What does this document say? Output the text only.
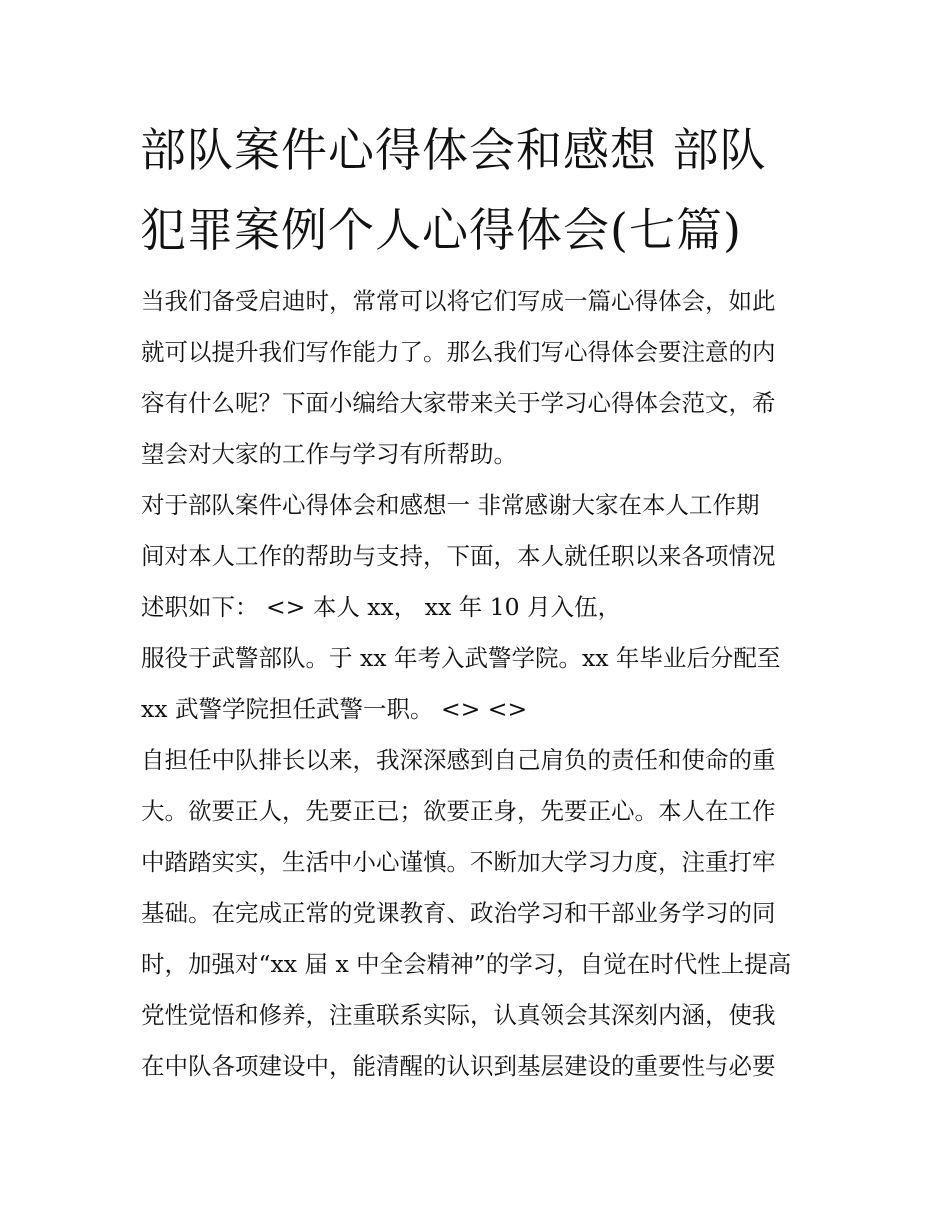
部队案件心得体会和感想 部队
犯罪案例个人心得体会(七篇)
当我们备受启迪时，常常可以将它们写成一篇心得体会，如此
就可以提升我们写作能力了。那么我们写心得体会要注意的内
容有什么呢？下面小编给大家带来关于学习心得体会范文，希
望会对大家的工作与学习有所帮助。
对于部队案件心得体会和感想一 非常感谢大家在本人工作期
间对本人工作的帮助与支持，下面，本人就任职以来各项情况
述职如下： <> 本人 xx， xx 年 10 月入伍，
服役于武警部队。于 xx 年考入武警学院。xx 年毕业后分配至
xx 武警学院担任武警一职。 <> <>
自担任中队排长以来，我深深感到自己肩负的责任和使命的重
大。欲要正人，先要正已；欲要正身，先要正心。本人在工作
中踏踏实实，生活中小心谨慎。不断加大学习力度，注重打牢
基础。在完成正常的党课教育、政治学习和干部业务学习的同
时，加强对“xx 届 x 中全会精神”的学习，自觉在时代性上提高
党性觉悟和修养，注重联系实际，认真领会其深刻内涵，使我
在中队各项建设中，能清醒的认识到基层建设的重要性与必要
